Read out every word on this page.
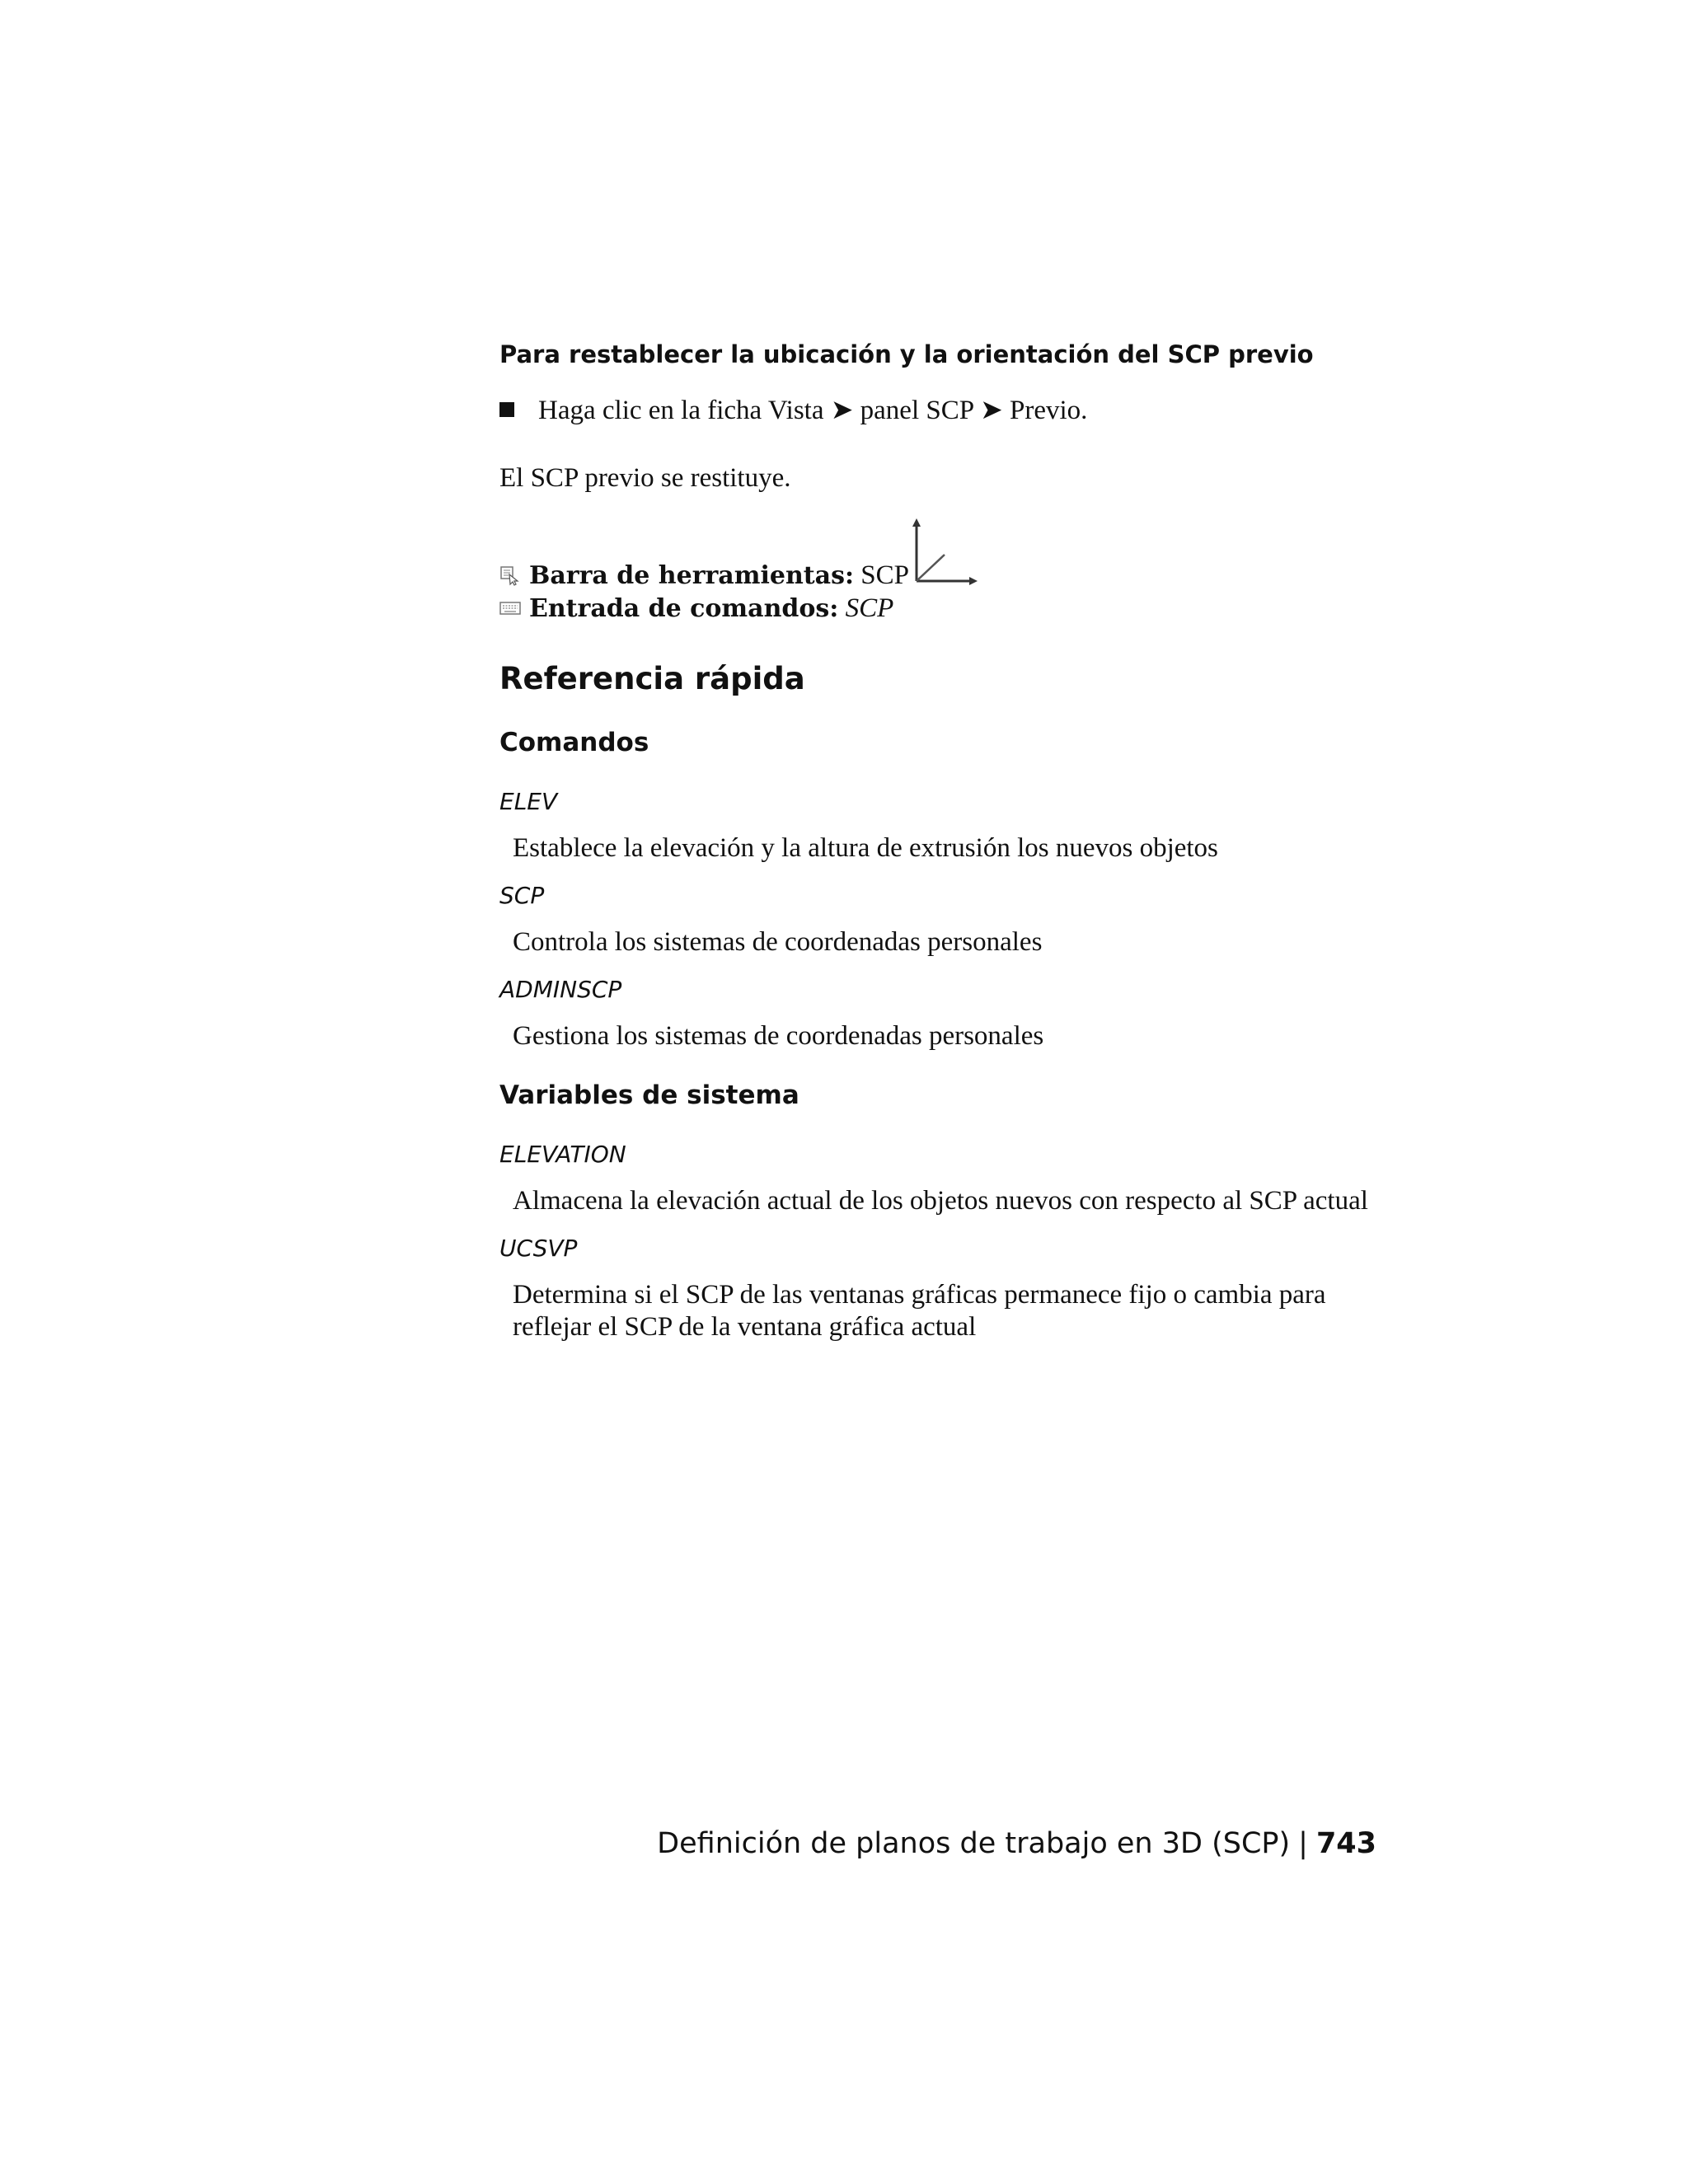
Para restablecer la ubicación y la orientación del SCP previo
Haga clic en la ficha Vista ➤ panel SCP ➤ Previo.
El SCP previo se restituye.
Barra de herramientas: SCP
Entrada de comandos: SCP
Referencia rápida
Comandos
ELEV
Establece la elevación y la altura de extrusión los nuevos objetos
SCP
Controla los sistemas de coordenadas personales
ADMINSCP
Gestiona los sistemas de coordenadas personales
Variables de sistema
ELEVATION
Almacena la elevación actual de los objetos nuevos con respecto al SCP actual
UCSVP
Determina si el SCP de las ventanas gráficas permanece fijo o cambia para reflejar el SCP de la ventana gráfica actual
Definición de planos de trabajo en 3D (SCP) | 743
